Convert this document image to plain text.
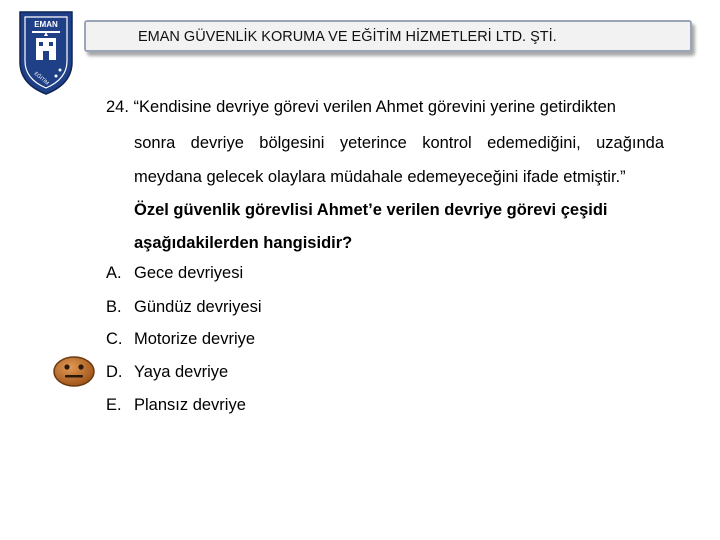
EMAN
EĞİTİM
EMAN GÜVENLİK KORUMA VE EĞİTİM HİZMETLERİ LTD. ŞTİ.
24. “Kendisine devriye görevi verilen Ahmet görevini yerine getirdikten
sonra devriye bölgesini yeterince kontrol edemediğini, uzağında
meydana gelecek olaylara müdahale edemeyeceğini ifade etmiştir.”
Özel güvenlik görevlisi Ahmet’e verilen devriye görevi çeşidi
aşağıdakilerden hangisidir?
A. Gece devriyesi
B. Gündüz devriyesi
C. Motorize devriye
D. Yaya devriye
E. Plansız devriye
